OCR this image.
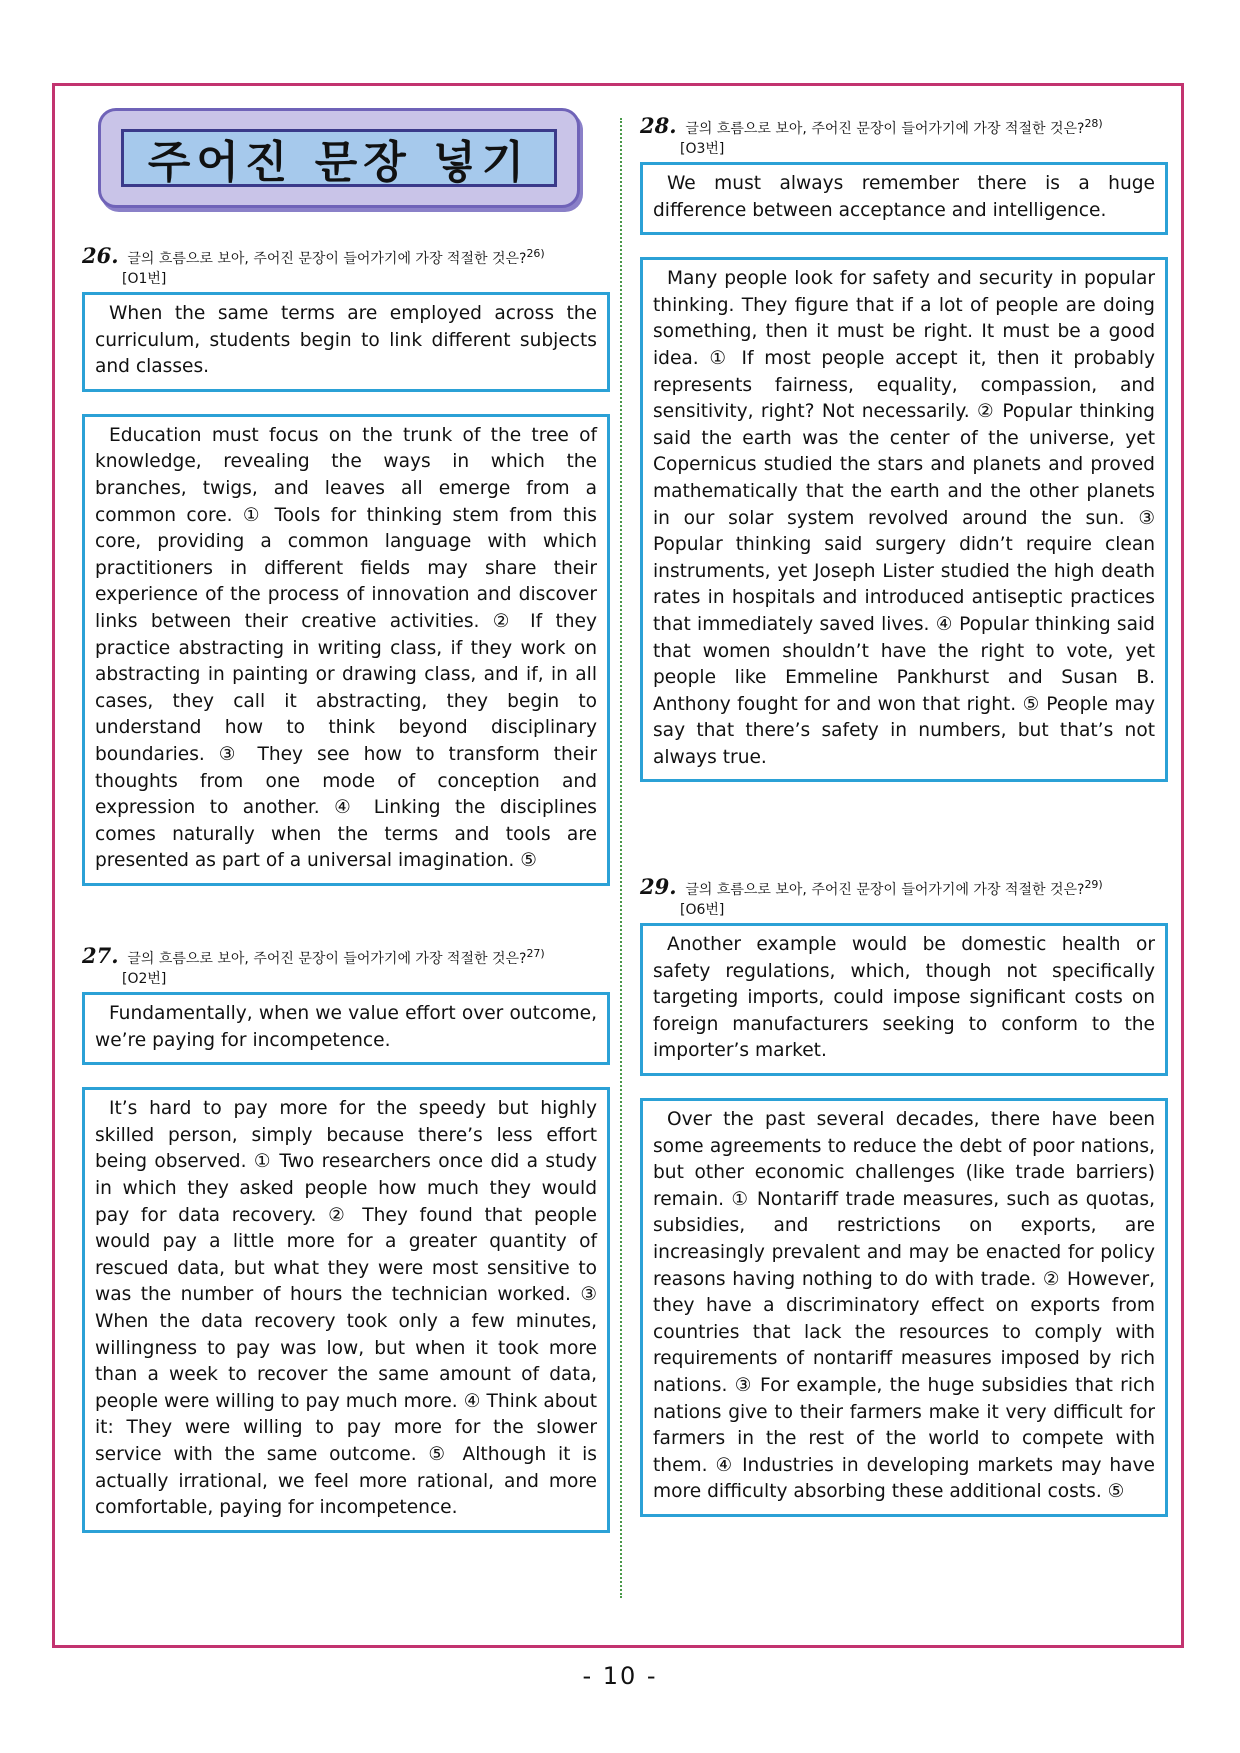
주어진 문장 넣기
26. 글의 흐름으로 보아, 주어진 문장이 들어가기에 가장 적절한 것은?$^{26)}$
[O1번]
When the same terms are employed across the curriculum, students begin to link different subjects and classes.
Education must focus on the trunk of the tree of knowledge, revealing the ways in which the branches, twigs, and leaves all emerge from a common core. ① Tools for thinking stem from this core, providing a common language with which practitioners in different fields may share their experience of the process of innovation and discover links between their creative activities. ② If they practice abstracting in writing class, if they work on abstracting in painting or drawing class, and if, in all cases, they call it abstracting, they begin to understand how to think beyond disciplinary boundaries. ③ They see how to transform their thoughts from one mode of conception and expression to another. ④ Linking the disciplines comes naturally when the terms and tools are presented as part of a universal imagination. ⑤
27. 글의 흐름으로 보아, 주어진 문장이 들어가기에 가장 적절한 것은?$^{27)}$
[O2번]
Fundamentally, when we value effort over outcome, we’re paying for incompetence.
It’s hard to pay more for the speedy but highly skilled person, simply because there’s less effort being observed. ① Two researchers once did a study in which they asked people how much they would pay for data recovery. ② They found that people would pay a little more for a greater quantity of rescued data, but what they were most sensitive to was the number of hours the technician worked. ③ When the data recovery took only a few minutes, willingness to pay was low, but when it took more than a week to recover the same amount of data, people were willing to pay much more. ④ Think about it: They were willing to pay more for the slower service with the same outcome. ⑤ Although it is actually irrational, we feel more rational, and more comfortable, paying for incompetence.
28. 글의 흐름으로 보아, 주어진 문장이 들어가기에 가장 적절한 것은?$^{28)}$
[O3번]
We must always remember there is a huge difference between acceptance and intelligence.
Many people look for safety and security in popular thinking. They figure that if a lot of people are doing something, then it must be right. It must be a good idea. ① If most people accept it, then it probably represents fairness, equality, compassion, and sensitivity, right? Not necessarily. ② Popular thinking said the earth was the center of the universe, yet Copernicus studied the stars and planets and proved mathematically that the earth and the other planets in our solar system revolved around the sun. ③ Popular thinking said surgery didn’t require clean instruments, yet Joseph Lister studied the high death rates in hospitals and introduced antiseptic practices that immediately saved lives. ④ Popular thinking said that women shouldn’t have the right to vote, yet people like Emmeline Pankhurst and Susan B. Anthony fought for and won that right. ⑤ People may say that there’s safety in numbers, but that’s not always true.
29. 글의 흐름으로 보아, 주어진 문장이 들어가기에 가장 적절한 것은?$^{29)}$
[O6번]
Another example would be domestic health or safety regulations, which, though not specifically targeting imports, could impose significant costs on foreign manufacturers seeking to conform to the importer’s market.
Over the past several decades, there have been some agreements to reduce the debt of poor nations, but other economic challenges (like trade barriers) remain. ① Nontariff trade measures, such as quotas, subsidies, and restrictions on exports, are increasingly prevalent and may be enacted for policy reasons having nothing to do with trade. ② However, they have a discriminatory effect on exports from countries that lack the resources to comply with requirements of nontariff measures imposed by rich nations. ③ For example, the huge subsidies that rich nations give to their farmers make it very difficult for farmers in the rest of the world to compete with them. ④ Industries in developing markets may have more difficulty absorbing these additional costs. ⑤
- 10 -
